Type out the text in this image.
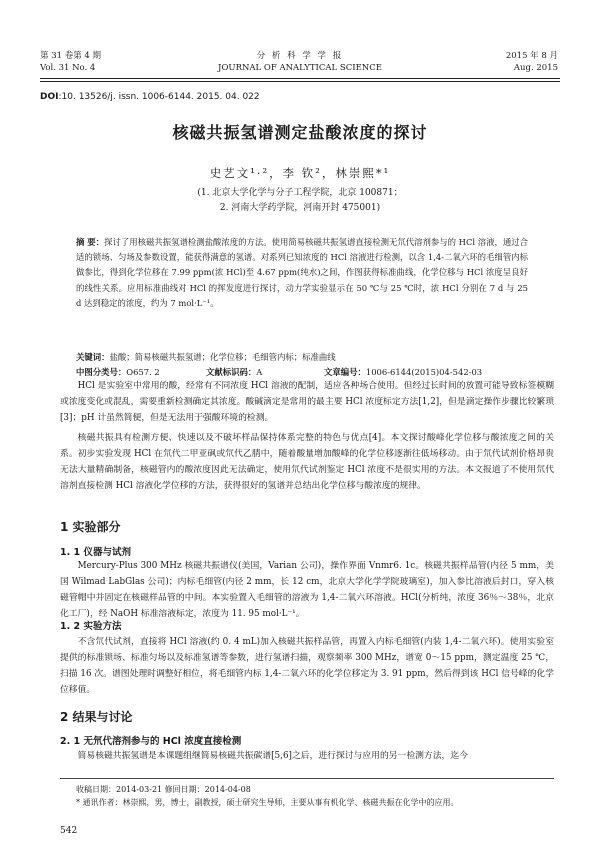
第 31 卷第 4 期
Vol. 31 No. 4
分 析 科 学 学 报
JOURNAL OF ANALYTICAL SCIENCE
2015 年 8 月
Aug. 2015
DOI:10. 13526/j. issn. 1006-6144. 2015. 04. 022
核磁共振氢谱测定盐酸浓度的探讨
史艺文¹·²，李 钦²，林崇熙*¹
(1. 北京大学化学与分子工程学院，北京 100871；
2. 河南大学药学院，河南开封 475001)
摘 要：探讨了用核磁共振氢谱检测盐酸浓度的方法。使用简易核磁共振氢谱直接检测无氘代溶剂参与的 HCl 溶液，通过合适的锁场、匀场及参数设置，能获得满意的氢谱。对系列已知浓度的 HCl 溶液进行检测，以含 1,4-二氧六环的毛细管内标做参比，得到化学位移在 7.99 ppm(浓 HCl)至 4.67 ppm(纯水)之间，作图获得标准曲线，化学位移与 HCl 浓度呈良好的线性关系。应用标准曲线对 HCl 的挥发度进行探讨，动力学实验显示在 50 ℃与 25 ℃时，浓 HCl 分别在 7 d 与 25 d 达到稳定的浓度，约为 7 mol·L⁻¹。
关键词：盐酸；简易核磁共振氢谱；化学位移；毛细管内标；标准曲线
中图分类号：O657. 2	文献标识码：A	文章编号：1006-6144(2015)04-542-03
HCl 是实验室中常用的酸，经常有不同浓度 HCl 溶液的配制，适应各种场合使用。但经过长时间的放置可能导致标签模糊或浓度变化或混乱，需要重新检测确定其浓度。酸碱滴定是常用的最主要 HCl 浓度标定方法[1,2]，但是滴定操作步骤比较繁琐[3]；pH 计虽然简便，但是无法用于强酸环境的检测。
核磁共振具有检测方便、快速以及不破坏样品保持体系完整的特色与优点[4]。本文探讨酸峰化学位移与酸浓度之间的关系。初步实验发现 HCl 在氘代二甲亚砜或氘代乙腈中，随着酸量增加酸峰的化学位移逐渐往低场移动。由于氘代试剂价格昂贵无法大量精确制备，核磁管内的酸浓度因此无法确定，使用氘代试剂鉴定 HCl 浓度不是很实用的方法。本文报道了不使用氘代溶剂直接检测 HCl 溶液化学位移的方法，获得很好的氢谱并总结出化学位移与酸浓度的规律。
1 实验部分
1. 1 仪器与试剂
Mercury-Plus 300 MHz 核磁共振谱仪(美国，Varian 公司)，操作界面 Vnmr6. 1c。核磁共振样品管(内径 5 mm，美国 Wilmad LabGlas 公司)；内标毛细管(内径 2 mm，长 12 cm，北京大学化学学院玻璃室)，加入参比溶液后封口，穿入核磁管帽中并固定在核磁样品管的中间。本实验置入毛细管的溶液为 1,4-二氧六环溶液。HCl(分析纯，浓度 36％～38％，北京化工厂)，经 NaOH 标准溶液标定，浓度为 11. 95 mol·L⁻¹。
1. 2 实验方法
不含氘代试剂，直接将 HCl 溶液(约 0. 4 mL)加入核磁共振样品管，再置入内标毛细管(内装 1,4-二氧六环)。使用实验室提供的标准锁场、标准匀场以及标准氢谱等参数，进行氢谱扫描，观察频率 300 MHz，谱宽 0～15 ppm，测定温度 25 ℃，扫描 16 次。谱图处理时调整好相位，将毛细管内标 1,4-二氧六环的化学位移定为 3. 91 ppm，然后得到该 HCl 信号峰的化学位移值。
2 结果与讨论
2. 1 无氘代溶剂参与的 HCl 浓度直接检测
简易核磁共振氢谱是本课题组继简易核磁共振碳谱[5,6]之后，进行探讨与应用的另一检测方法，迄今
收稿日期：2014-03-21 修回日期：2014-04-08
* 通讯作者：林崇熙，男，博士，副教授，硕士研究生导师，主要从事有机化学、核磁共振在化学中的应用。
542
